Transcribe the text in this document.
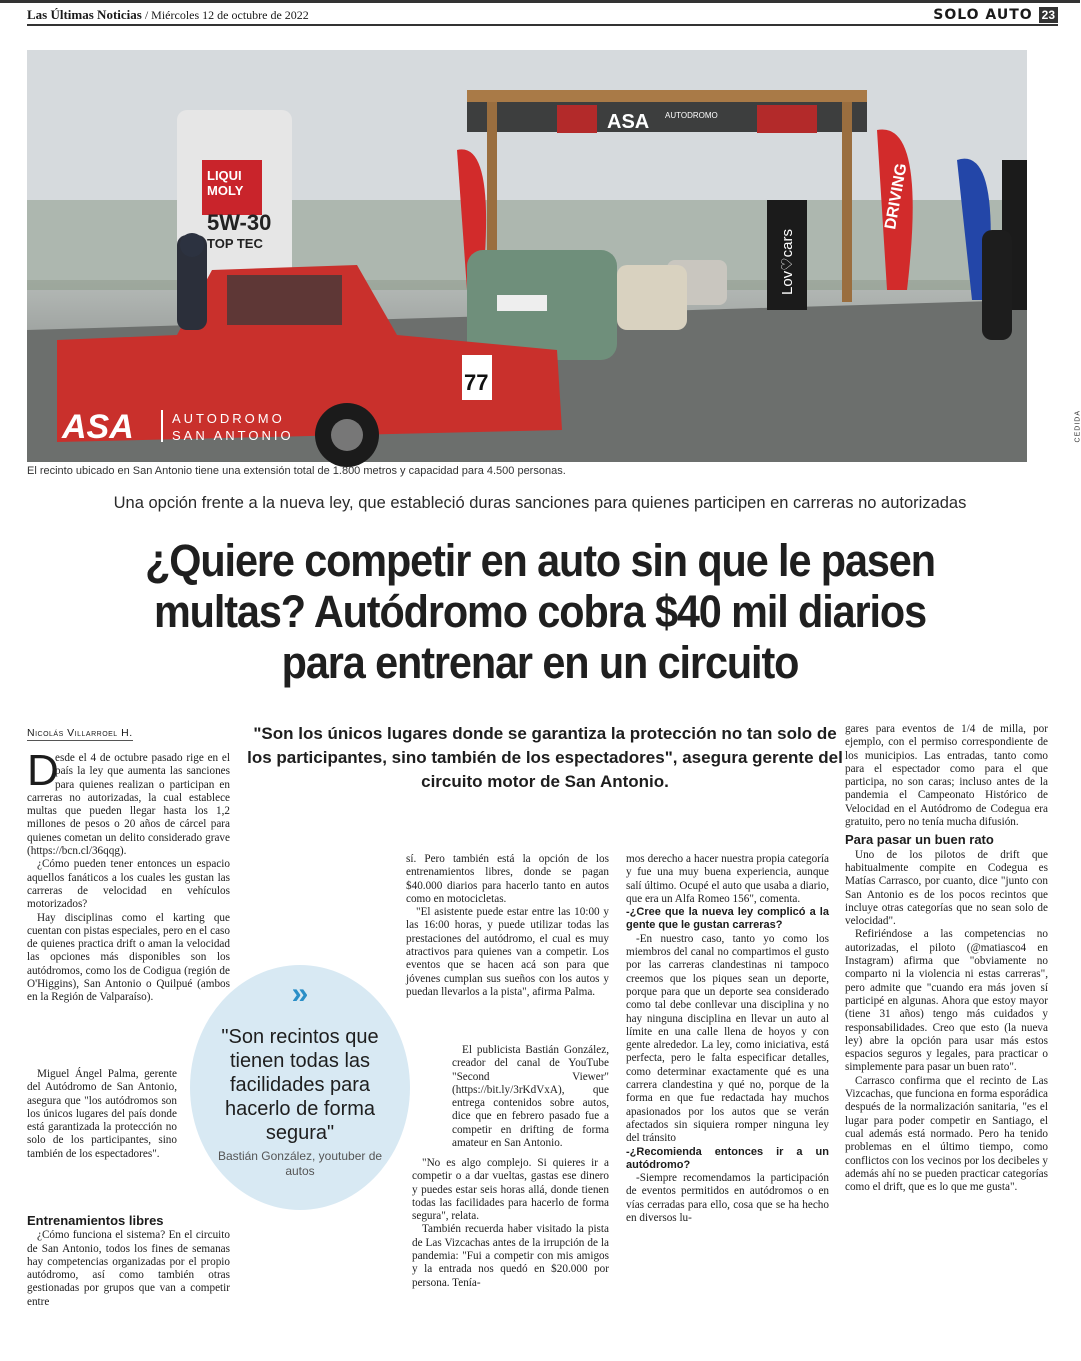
Las Últimas Noticias / Miércoles 12 de octubre de 2022	SOLO AUTO 23
ASA AUTODROMO
LIQUI
MOLY
5W-30
TOP TEC
DRIVING
Lov♡cars
77
ASA	AUTODROMO
SAN ANTONIO	CEDIDA
El recinto ubicado en San Antonio tiene una extensión total de 1.800 metros y capacidad para 4.500 personas.
Una opción frente a la nueva ley, que estableció duras sanciones para quienes participen en carreras no autorizadas
¿Quiere competir en auto sin que le pasen
multas? Autódromo cobra $40 mil diarios
para entrenar en un circuito
Nicolás Villarroel H.	"Son los únicos lugares donde se garantiza la protección no tan solo de los participantes, sino también de los espectadores", asegura gerente del circuito motor de San Antonio.
D

esde el 4 de octubre pasado rige en el país la ley que aumenta las sanciones para quienes realizan o participan en carreras no autorizadas, la cual establece multas que pueden llegar hasta los 1,2 millones de pesos o 20 años de cárcel para quienes cometan un delito considerado grave (https://bcn.cl/36qqg).

¿Cómo pueden tener entonces un espacio aquellos fanáticos a los cuales les gustan las carreras de velocidad en vehículos motorizados?

Hay disciplinas como el karting que cuentan con pistas especiales, pero en el caso de quienes practica drift o aman la velocidad las opciones más disponibles son los autódromos, como los de Codigua (región de O'Higgins), San Antonio o Quilpué (ambos en la Región de Valparaíso).

Miguel Ángel Palma, gerente del Autódromo de San Antonio, asegura que "los autódromos son los únicos lugares del país donde está garantizada la protección no solo de los participantes, sino también de los espectadores".

Entrenamientos libres

¿Cómo funciona el sistema? En el circuito de San Antonio, todos los fines de semanas hay competencias organizadas por el propio autódromo, así como también otras gestionadas por grupos que van a competir entre

sí. Pero también está la opción de los entrenamientos libres, donde se pagan $40.000 diarios para hacerlo tanto en autos como en motocicletas.

"El asistente puede estar entre las 10:00 y las 16:00 horas, y puede utilizar todas las prestaciones del autódromo, el cual es muy atractivos para quienes van a competir. Los eventos que se hacen acá son para que jóvenes cumplan sus sueños con los autos y puedan llevarlos a la pista", afirma Palma.

El publicista Bastián González, creador del canal de YouTube "Second Viewer" (https://bit.ly/3rKdVxA), que entrega contenidos sobre autos, dice que en febrero pasado fue a competir en drifting de forma amateur en San Antonio.

"No es algo complejo. Si quieres ir a competir o a dar vueltas, gastas ese dinero y puedes estar seis horas allá, donde tienen todas las facilidades para hacerlo de forma segura", relata.

También recuerda haber visitado la pista de Las Vizcachas antes de la irrupción de la pandemia: "Fui a competir con mis amigos y la entrada nos quedó en $20.000 por persona. Tenía-

mos derecho a hacer nuestra propia categoría y fue una muy buena experiencia, aunque salí último. Ocupé el auto que usaba a diario, que era un Alfa Romeo 156", comenta.

-¿Cree que la nueva ley complicó a la gente que le gustan carreras?

-En nuestro caso, tanto yo como los miembros del canal no compartimos el gusto por las carreras clandestinas ni tampoco creemos que los piques sean un deporte, porque para que un deporte sea considerado como tal debe conllevar una disciplina y no hay ninguna disciplina en llevar un auto al límite en una calle llena de hoyos y con gente alrededor. La ley, como iniciativa, está perfecta, pero le falta especificar detalles, como determinar exactamente qué es una carrera clandestina y qué no, porque de la forma en que fue redactada hay muchos apasionados por los autos que se verán afectados sin siquiera romper ninguna ley del tránsito

-¿Recomienda entonces ir a un autódromo?

-Siempre recomendamos la participación de eventos permitidos en autódromos o en vías cerradas para ello, cosa que se ha hecho en diversos lu-

gares para eventos de 1/4 de milla, por ejemplo, con el permiso correspondiente de los municipios. Las entradas, tanto como para el espectador como para el que participa, no son caras; incluso antes de la pandemia el Campeonato Histórico de Velocidad en el Autódromo de Codegua era gratuito, pero no tenía mucha difusión.

Para pasar un buen rato

Uno de los pilotos de drift que habitualmente compite en Codegua es Matías Carrasco, por cuanto, dice "junto con San Antonio es de los pocos recintos que incluye otras categorías que no sean solo de velocidad".

Refiriéndose a las competencias no autorizadas, el piloto (@matiasco4 en Instagram) afirma que "obviamente no comparto ni la violencia ni estas carreras", pero admite que "cuando era más joven sí participé en algunas. Ahora que estoy mayor (tiene 31 años) tengo más cuidados y responsabilidades. Creo que esto (la nueva ley) abre la opción para usar más estos espacios seguros y legales, para practicar o simplemente para pasar un buen rato".

Carrasco confirma que el recinto de Las Vizcachas, que funciona en forma esporádica después de la normalización sanitaria, "es el lugar para poder competir en Santiago, el cual además está normado. Pero ha tenido problemas en el último tiempo, como conflictos con los vecinos por los decibeles y además ahí no se pueden practicar categorías como el drift, que es lo que me gusta".

»
"Son recintos que tienen todas las facilidades para hacerlo de forma segura"
Bastián González, youtuber de autos
